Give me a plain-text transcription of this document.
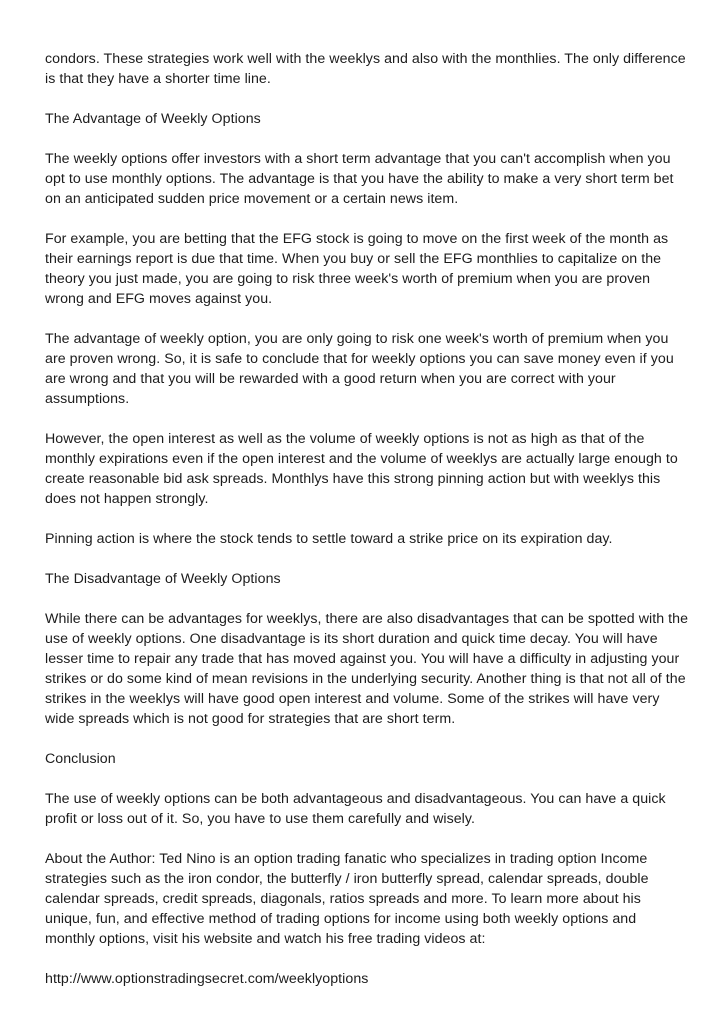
condors. These strategies work well with the weeklys and also with the monthlies. The only difference is that they have a shorter time line.

The Advantage of Weekly Options

The weekly options offer investors with a short term advantage that you can't accomplish when you opt to use monthly options. The advantage is that you have the ability to make a very short term bet on an anticipated sudden price movement or a certain news item.

For example, you are betting that the EFG stock is going to move on the first week of the month as their earnings report is due that time. When you buy or sell the EFG monthlies to capitalize on the theory you just made, you are going to risk three week's worth of premium when you are proven wrong and EFG moves against you.

The advantage of weekly option, you are only going to risk one week's worth of premium when you are proven wrong. So, it is safe to conclude that for weekly options you can save money even if you are wrong and that you will be rewarded with a good return when you are correct with your assumptions.

However, the open interest as well as the volume of weekly options is not as high as that of the monthly expirations even if the open interest and the volume of weeklys are actually large enough to create reasonable bid ask spreads. Monthlys have this strong pinning action but with weeklys this does not happen strongly.

Pinning action is where the stock tends to settle toward a strike price on its expiration day.

The Disadvantage of Weekly Options

While there can be advantages for weeklys, there are also disadvantages that can be spotted with the use of weekly options. One disadvantage is its short duration and quick time decay. You will have lesser time to repair any trade that has moved against you. You will have a difficulty in adjusting your strikes or do some kind of mean revisions in the underlying security. Another thing is that not all of the strikes in the weeklys will have good open interest and volume. Some of the strikes will have very wide spreads which is not good for strategies that are short term.

Conclusion

The use of weekly options can be both advantageous and disadvantageous. You can have a quick profit or loss out of it. So, you have to use them carefully and wisely.

About the Author: Ted Nino is an option trading fanatic who specializes in trading option Income strategies such as the iron condor, the butterfly / iron butterfly spread, calendar spreads, double calendar spreads, credit spreads, diagonals, ratios spreads and more. To learn more about his unique, fun, and effective method of trading options for income using both weekly options and monthly options, visit his website and watch his free trading videos at:

http://www.optionstradingsecret.com/weeklyoptions
